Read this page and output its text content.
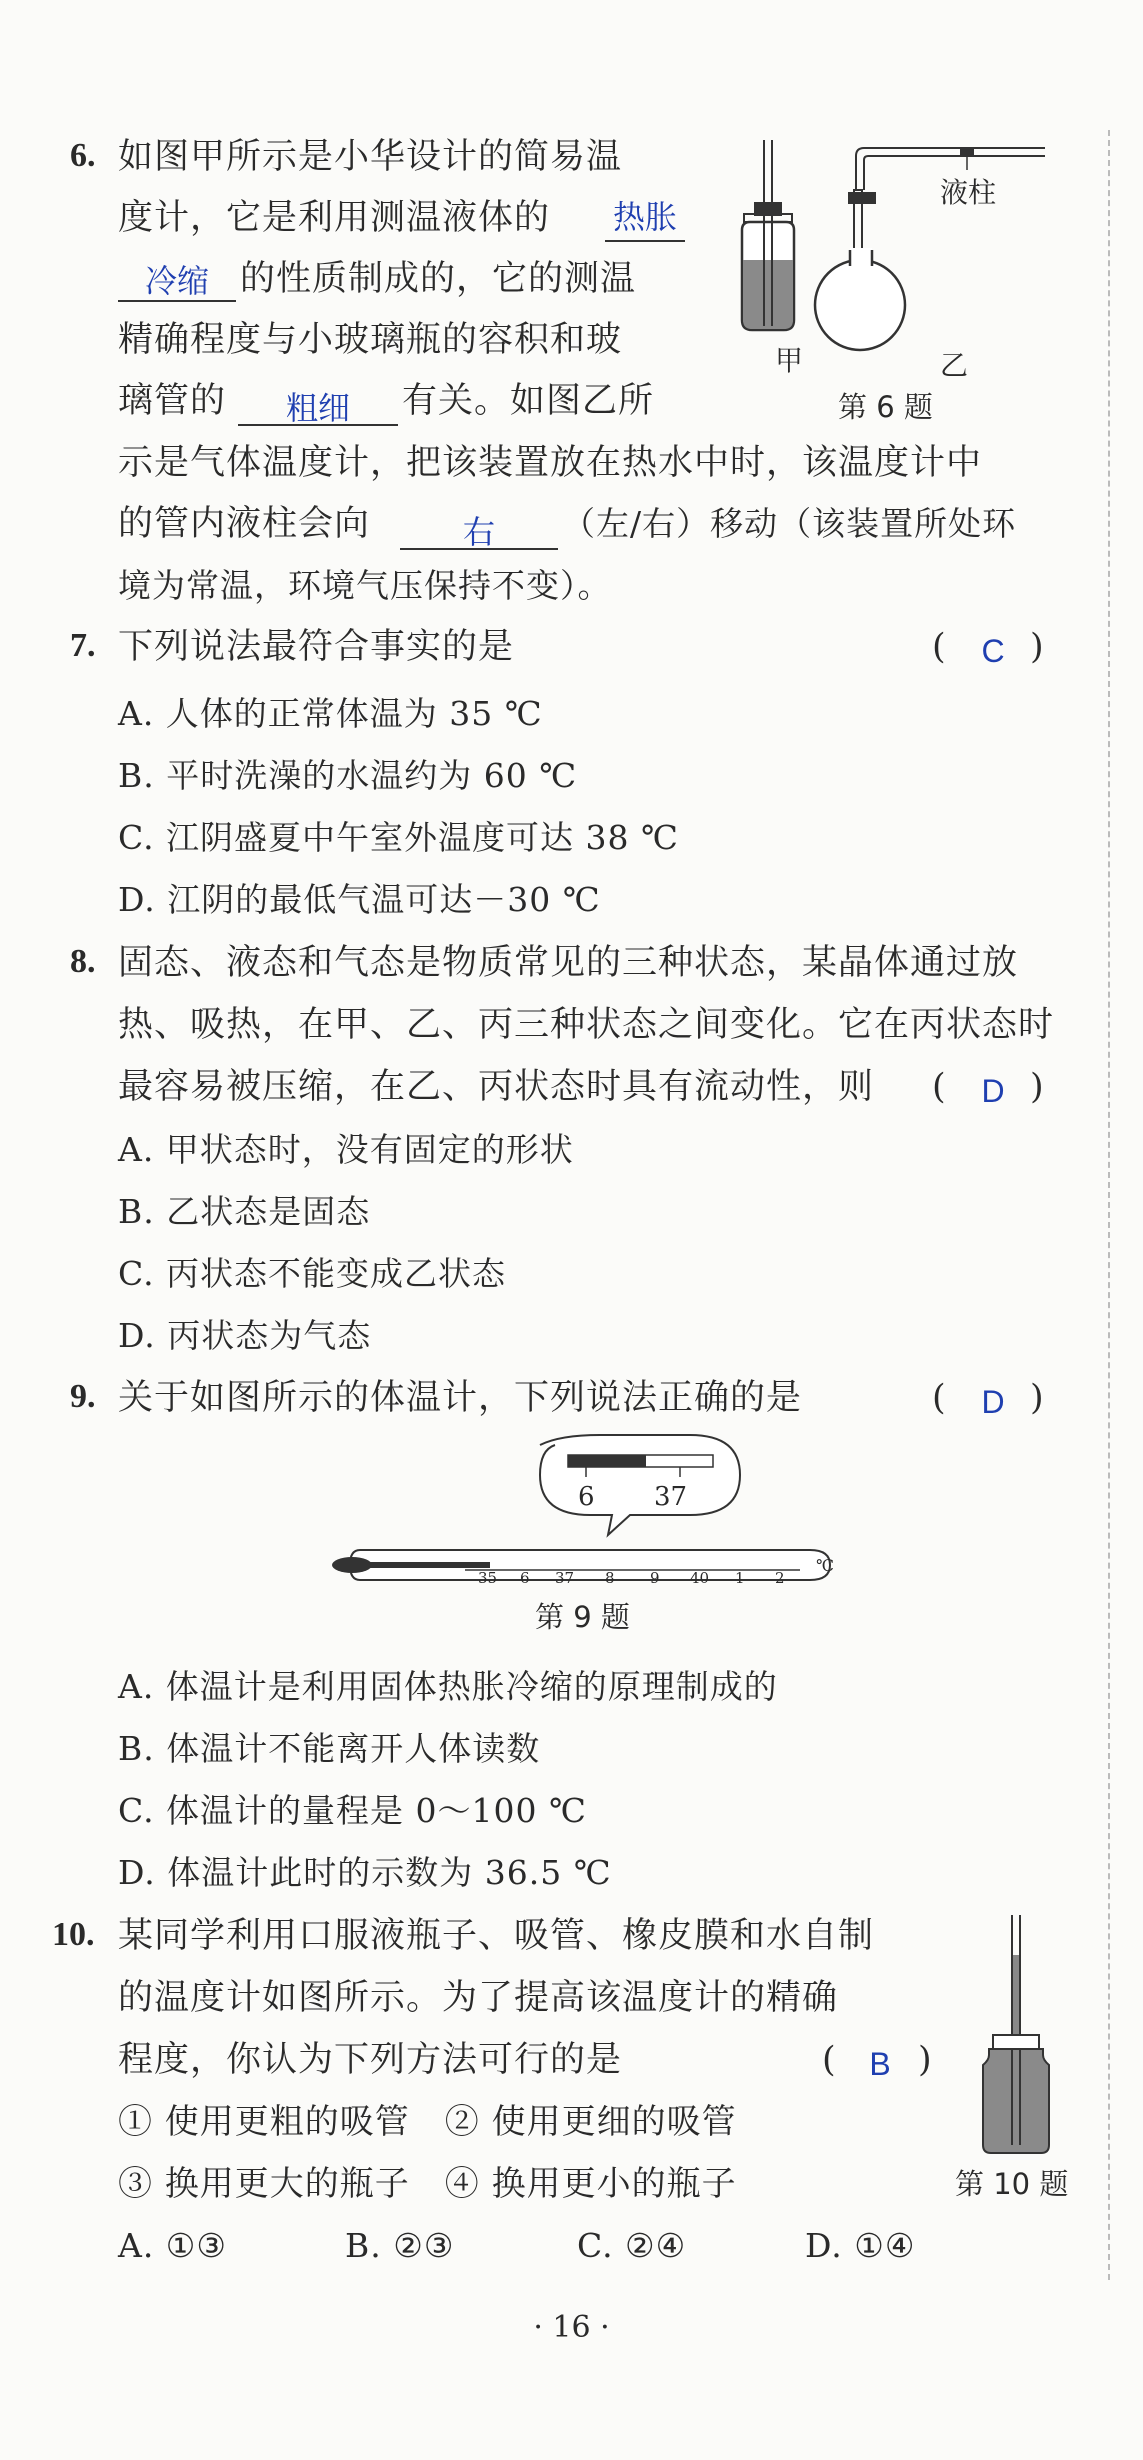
6. 如图甲所示是小华设计的简易温
度计，它是利用测温液体的 热胀
冷缩 的性质制成的，它的测温
精确程度与小玻璃瓶的容积和玻
璃管的	粗细	有关。如图乙所
示是气体温度计，把该装置放在热水中时，该温度计中
的管内液柱会向	右	（左/右）移动（该装置所处环
境为常温，环境气压保持不变）。
甲	乙
液柱
第 6 题
7. 下列说法最符合事实的是	(	C )
A. 人体的正常体温为 35 ℃
B. 平时洗澡的水温约为 60 ℃
C. 江阴盛夏中午室外温度可达 38 ℃
D. 江阴的最低气温可达－30 ℃
8. 固态、液态和气态是物质常见的三种状态，某晶体通过放
热、吸热，在甲、乙、丙三种状态之间变化。它在丙状态时
最容易被压缩，在乙、丙状态时具有流动性，则 (	D )
A. 甲状态时，没有固定的形状
B. 乙状态是固态
C. 丙状态不能变成乙状态
D. 丙状态为气态
9. 关于如图所示的体温计，下列说法正确的是	(	D )
6 37
35 6 37 8 9 40 1 2
℃
第 9 题
A. 体温计是利用固体热胀冷缩的原理制成的
B. 体温计不能离开人体读数
C. 体温计的量程是 0～100 ℃
D. 体温计此时的示数为 36.5 ℃
10. 某同学利用口服液瓶子、吸管、橡皮膜和水自制
的温度计如图所示。为了提高该温度计的精确
程度，你认为下列方法可行的是	(	B )
① 使用更粗的吸管　② 使用更细的吸管
③ 换用更大的瓶子　④ 换用更小的瓶子
A. ①③	B. ②③	C. ②④	D. ①④
第 10 题
· 16 ·
